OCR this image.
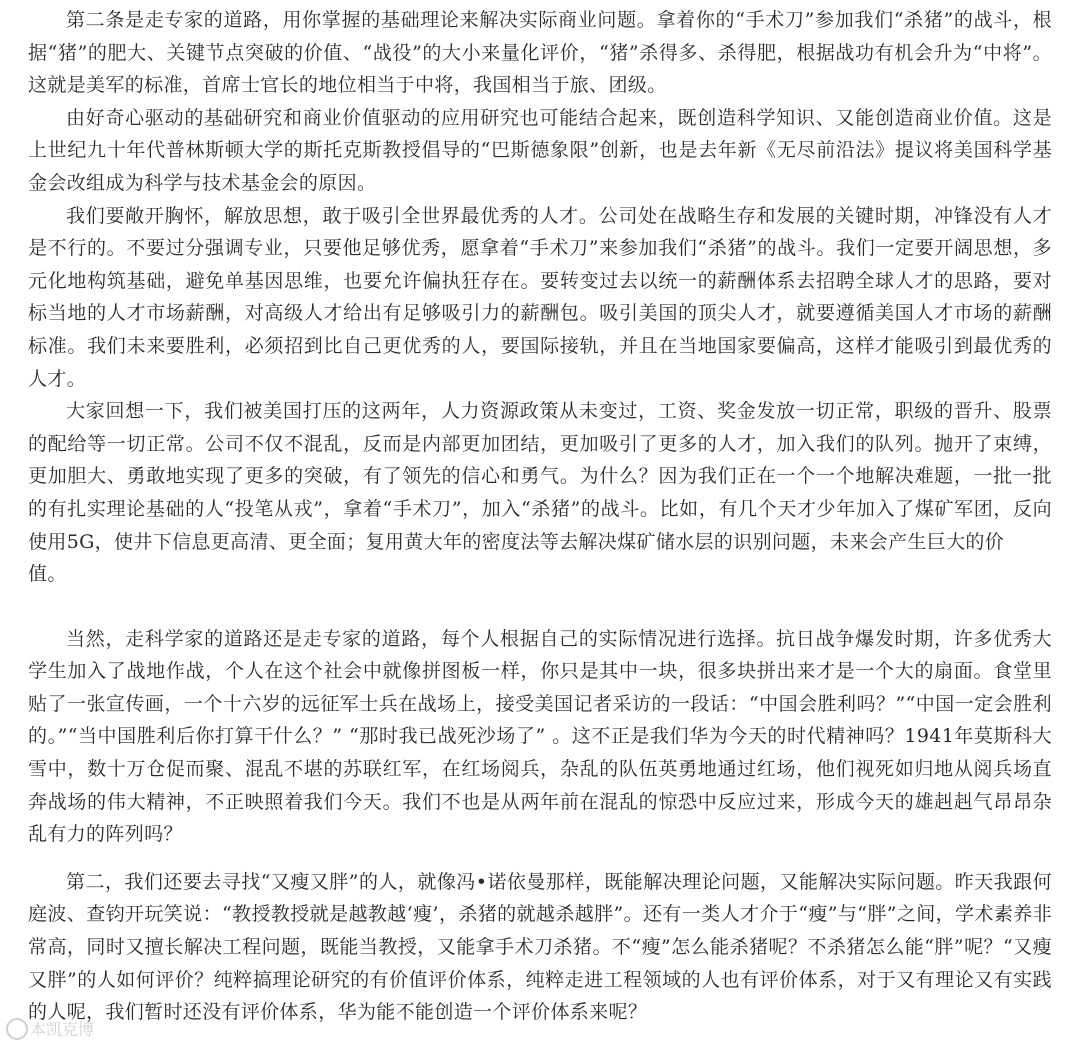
第二条是走专家的道路，用你掌握的基础理论来解决实际商业问题。拿着你的“手术刀”参加我们“杀猪”的战斗，根据“猪”的肥大、关键节点突破的价值、“战役”的大小来量化评价，“猪”杀得多、杀得肥，根据战功有机会升为“中将”。这就是美军的标准，首席士官长的地位相当于中将，我国相当于旅、团级。

由好奇心驱动的基础研究和商业价值驱动的应用研究也可能结合起来，既创造科学知识、又能创造商业价值。这是上世纪九十年代普林斯顿大学的斯托克斯教授倡导的“巴斯德象限”创新，也是去年新《无尽前沿法》提议将美国科学基金会改组成为科学与技术基金会的原因。

我们要敞开胸怀，解放思想，敢于吸引全世界最优秀的人才。公司处在战略生存和发展的关键时期，冲锋没有人才是不行的。不要过分强调专业，只要他足够优秀，愿拿着“手术刀”来参加我们“杀猪”的战斗。我们一定要开阔思想，多元化地构筑基础，避免单基因思维，也要允许偏执狂存在。要转变过去以统一的薪酬体系去招聘全球人才的思路，要对标当地的人才市场薪酬，对高级人才给出有足够吸引力的薪酬包。吸引美国的顶尖人才，就要遵循美国人才市场的薪酬标准。我们未来要胜利，必须招到比自己更优秀的人，要国际接轨，并且在当地国家要偏高，这样才能吸引到最优秀的人才。

大家回想一下，我们被美国打压的这两年，人力资源政策从未变过，工资、奖金发放一切正常，职级的晋升、股票的配给等一切正常。公司不仅不混乱，反而是内部更加团结，更加吸引了更多的人才，加入我们的队列。抛开了束缚，更加胆大、勇敢地实现了更多的突破，有了领先的信心和勇气。为什么？因为我们正在一个一个地解决难题，一批一批的有扎实理论基础的人“投笔从戎”，拿着“手术刀”，加入“杀猪”的战斗。比如，有几个天才少年加入了煤矿军团，反向使用5G，使井下信息更高清、更全面；复用黄大年的密度法等去解决煤矿储水层的识别问题，未来会产生巨大的价

值。

当然，走科学家的道路还是走专家的道路，每个人根据自己的实际情况进行选择。抗日战争爆发时期，许多优秀大学生加入了战地作战，个人在这个社会中就像拼图板一样，你只是其中一块，很多块拼出来才是一个大的扇面。食堂里贴了一张宣传画，一个十六岁的远征军士兵在战场上，接受美国记者采访的一段话：“中国会胜利吗？”“中国一定会胜利的。”“当中国胜利后你打算干什么？” “那时我已战死沙场了” 。这不正是我们华为今天的时代精神吗？1941年莫斯科大雪中，数十万仓促而聚、混乱不堪的苏联红军，在红场阅兵，杂乱的队伍英勇地通过红场，他们视死如归地从阅兵场直奔战场的伟大精神，不正映照着我们今天。我们不也是从两年前在混乱的惊恐中反应过来，形成今天的雄赳赳气昂昂杂乱有力的阵列吗？

第二，我们还要去寻找“又瘦又胖”的人，就像冯•诺依曼那样，既能解决理论问题，又能解决实际问题。昨天我跟何庭波、查钧开玩笑说：“教授教授就是越教越‘瘦’，杀猪的就越杀越胖”。还有一类人才介于“瘦”与“胖”之间，学术素养非常高，同时又擅长解决工程问题，既能当教授，又能拿手术刀杀猪。不“瘦”怎么能杀猪呢？不杀猪怎么能“胖”呢？“又瘦又胖”的人如何评价？纯粹搞理论研究的有价值评价体系，纯粹走进工程领域的人也有评价体系，对于又有理论又有实践的人呢，我们暂时还没有评价体系，华为能不能创造一个评价体系来呢？

本凯克博
